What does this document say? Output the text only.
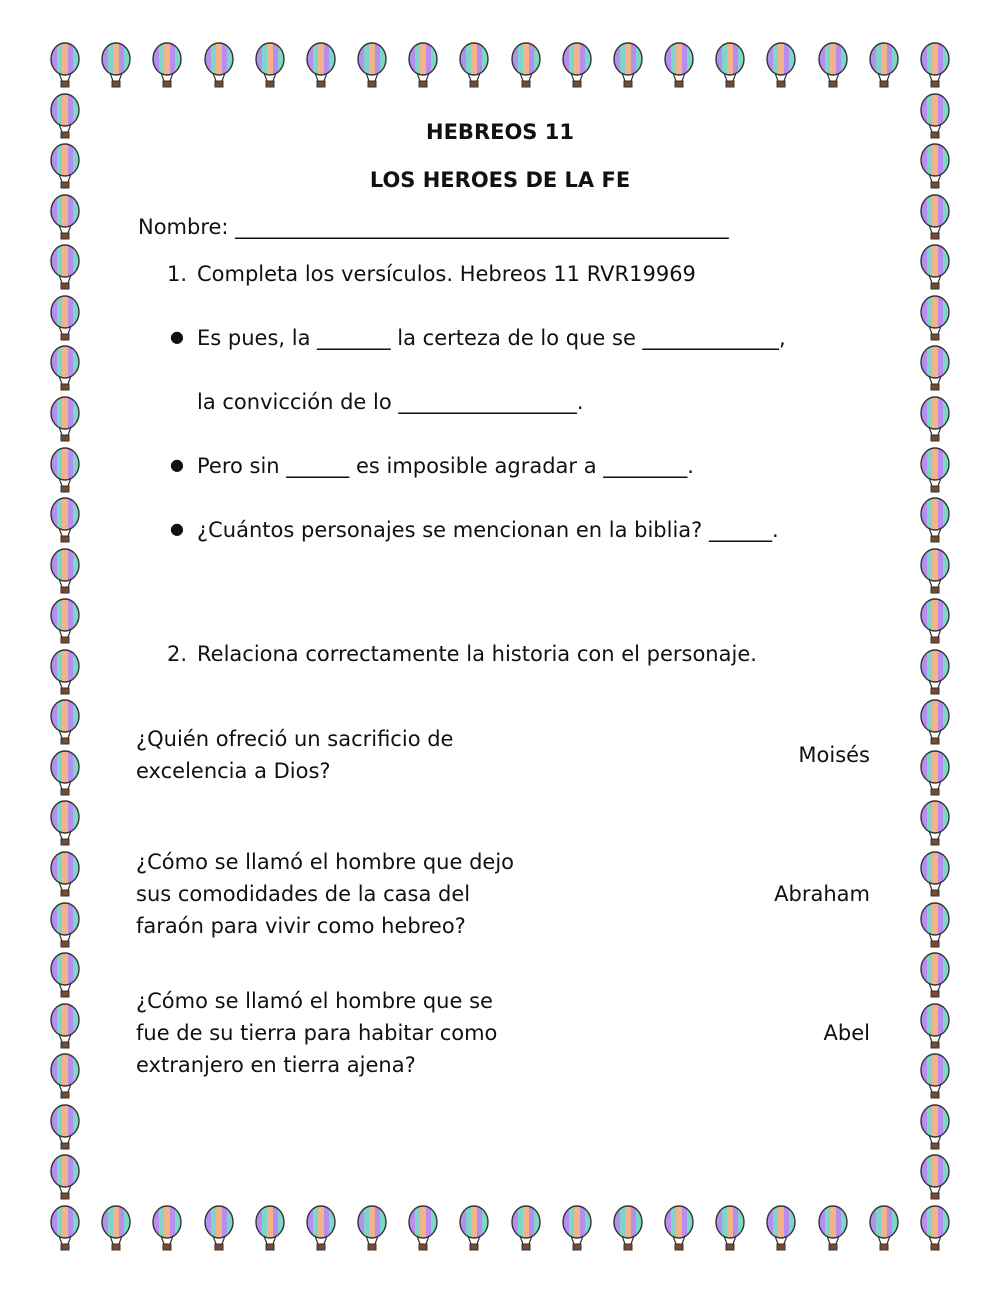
HEBREOS 11
LOS HEROES DE LA FE
Nombre: _______________________________________________
1. Completa los versículos. Hebreos 11 RVR19969
● Es pues, la _______ la certeza de lo que se _____________,
la convicción de lo _________________.
● Pero sin ______ es imposible agradar a ________.
● ¿Cuántos personajes se mencionan en la biblia? ______.
2. Relaciona correctamente la historia con el personaje.
¿Quién ofreció un sacrificio de
excelencia a Dios?
Moisés
¿Cómo se llamó el hombre que dejo
sus comodidades de la casa del
faraón para vivir como hebreo?
Abraham
¿Cómo se llamó el hombre que se
fue de su tierra para habitar como
extranjero en tierra ajena?
Abel
